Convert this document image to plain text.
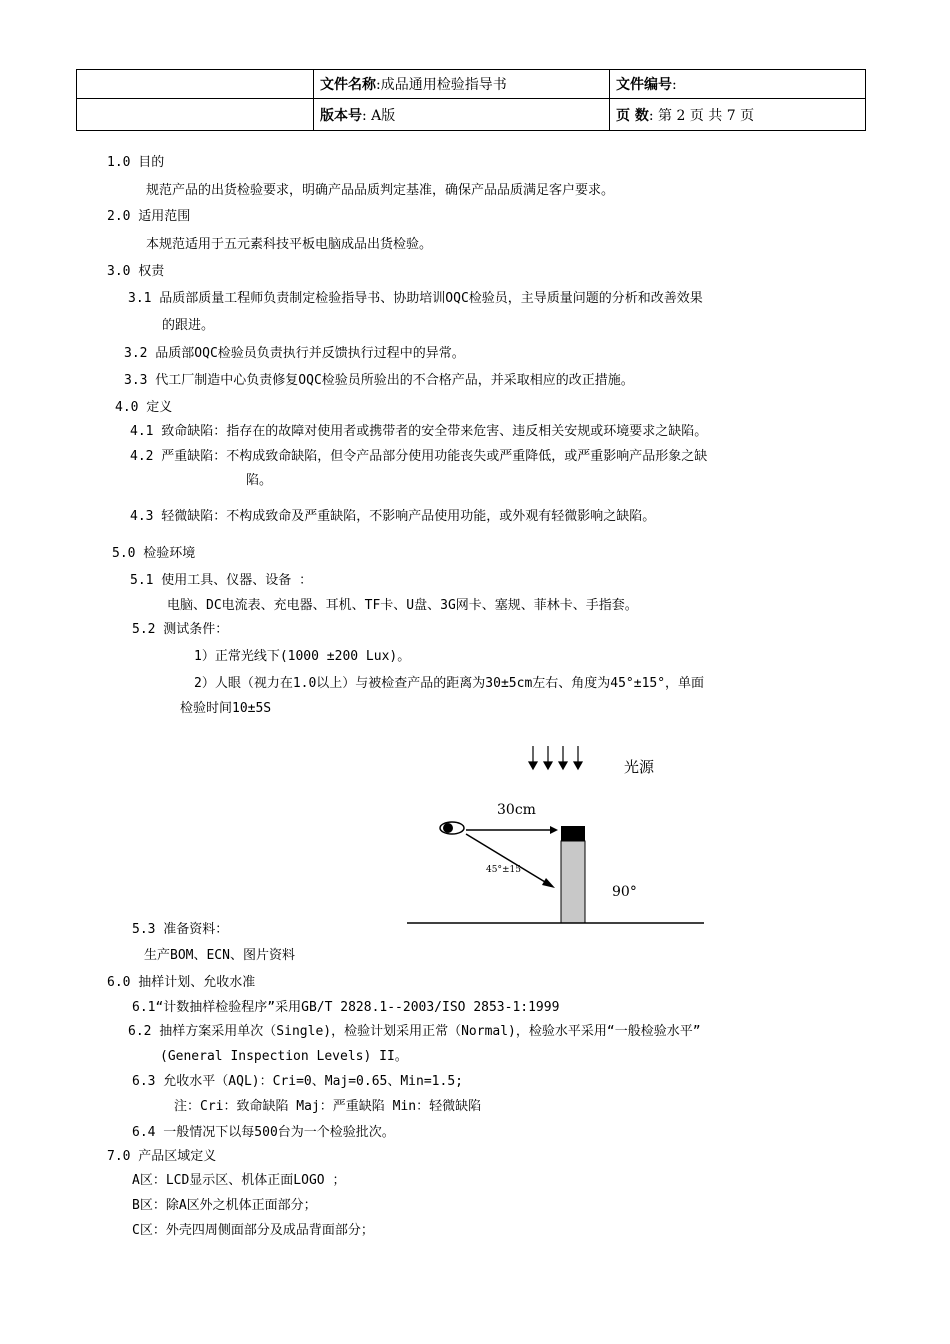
	文件名称:成品通用检验指导书	文件编号:
	版本号: A版	页 数: 第 2 页 共 7 页
1.0 目的
规范产品的出货检验要求，明确产品品质判定基准，确保产品品质满足客户要求。
2.0 适用范围
本规范适用于五元素科技平板电脑成品出货检验。
3.0 权责
3.1 品质部质量工程师负责制定检验指导书、协助培训OQC检验员，主导质量问题的分析和改善效果
的跟进。
3.2 品质部OQC检验员负责执行并反馈执行过程中的异常。
3.3 代工厂制造中心负责修复OQC检验员所验出的不合格产品，并采取相应的改正措施。
4.0 定义
4.1 致命缺陷：指存在的故障对使用者或携带者的安全带来危害、违反相关安规或环境要求之缺陷。
4.2 严重缺陷：不构成致命缺陷，但令产品部分使用功能丧失或严重降低，或严重影响产品形象之缺
陷。
4.3 轻微缺陷：不构成致命及严重缺陷，不影响产品使用功能，或外观有轻微影响之缺陷。
5.0 检验环境
5.1 使用工具、仪器、设备 ：
电脑、DC电流表、充电器、耳机、TF卡、U盘、3G网卡、塞规、菲林卡、手指套。
5.2 测试条件：
1）正常光线下(1000 ±200 Lux)。
2）人眼（视力在1.0以上）与被检查产品的距离为30±5cm左右、角度为45°±15°，单面
检验时间10±5S
光源
30cm
45°±15
90°
5.3 准备资料：
生产BOM、ECN、图片资料
6.0 抽样计划、允收水准
6.1“计数抽样检验程序”采用GB/T 2828.1--2003/ISO 2853-1:1999
6.2 抽样方案采用单次（Single)，检验计划采用正常（Normal)，检验水平采用“一般检验水平”
(General Inspection Levels) II。
6.3 允收水平（AQL)：Cri=0、Maj=0.65、Min=1.5;
注：Cri：致命缺陷 Maj：严重缺陷 Min：轻微缺陷
6.4 一般情况下以每500台为一个检验批次。
7.0 产品区域定义
A区：LCD显示区、机体正面LOGO ；
B区：除A区外之机体正面部分；
C区：外壳四周侧面部分及成品背面部分；
